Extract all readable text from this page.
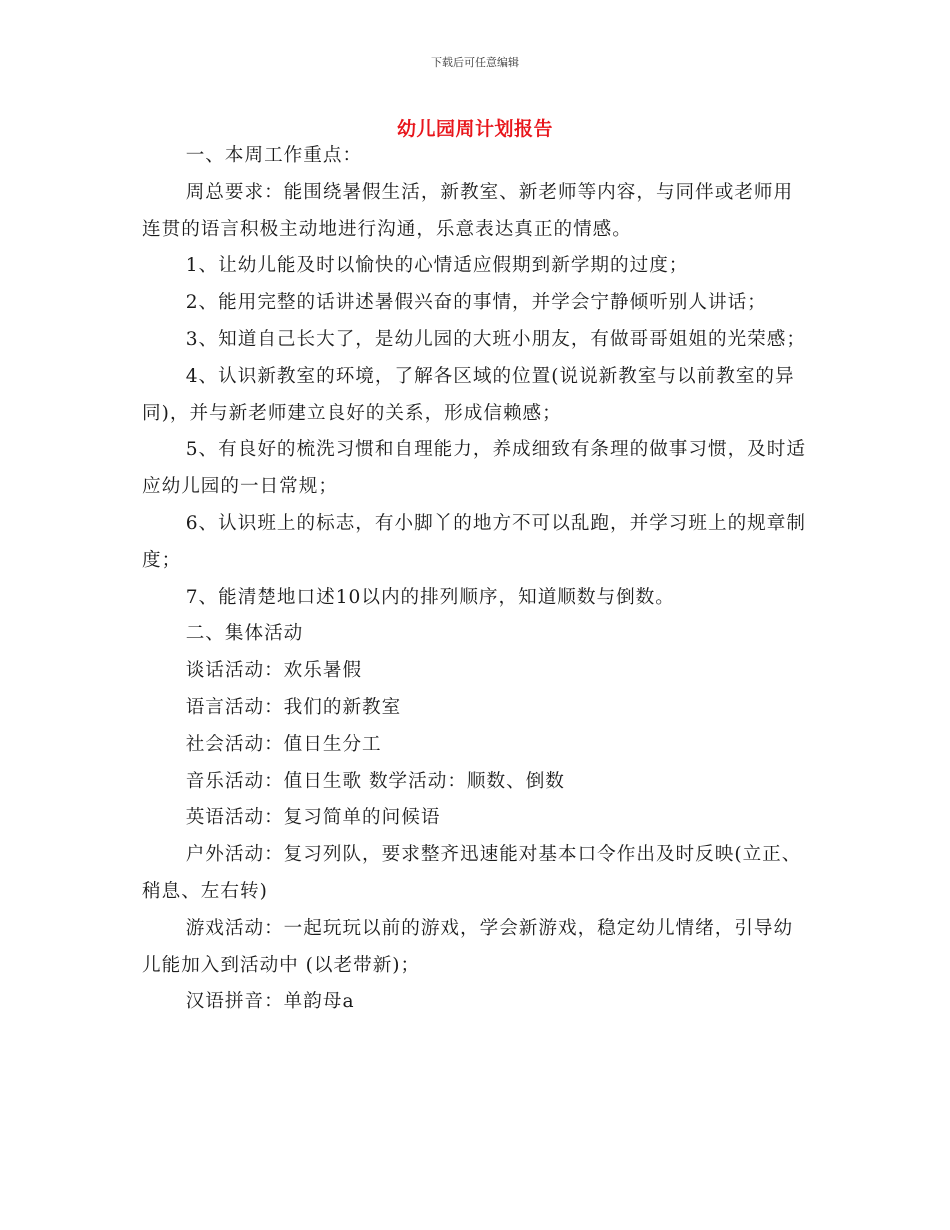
下载后可任意编辑
幼儿园周计划报告

一、本周工作重点：

周总要求：能围绕暑假生活，新教室、新老师等内容，与同伴或老师用连贯的语言积极主动地进行沟通，乐意表达真正的情感。

1、让幼儿能及时以愉快的心情适应假期到新学期的过度；

2、能用完整的话讲述暑假兴奋的事情，并学会宁静倾听别人讲话；

3、知道自己长大了，是幼儿园的大班小朋友，有做哥哥姐姐的光荣感；

4、认识新教室的环境，了解各区域的位置(说说新教室与以前教室的异同)，并与新老师建立良好的关系，形成信赖感；

5、有良好的梳洗习惯和自理能力，养成细致有条理的做事习惯，及时适应幼儿园的一日常规；

6、认识班上的标志，有小脚丫的地方不可以乱跑，并学习班上的规章制度；

7、能清楚地口述10以内的排列顺序，知道顺数与倒数。

二、集体活动

谈话活动：欢乐暑假

语言活动：我们的新教室

社会活动：值日生分工

音乐活动：值日生歌 数学活动：顺数、倒数

英语活动：复习简单的问候语

户外活动：复习列队，要求整齐迅速能对基本口令作出及时反映(立正、稍息、左右转)

游戏活动：一起玩玩以前的游戏，学会新游戏，稳定幼儿情绪，引导幼儿能加入到活动中 (以老带新)；

汉语拼音：单韵母a
